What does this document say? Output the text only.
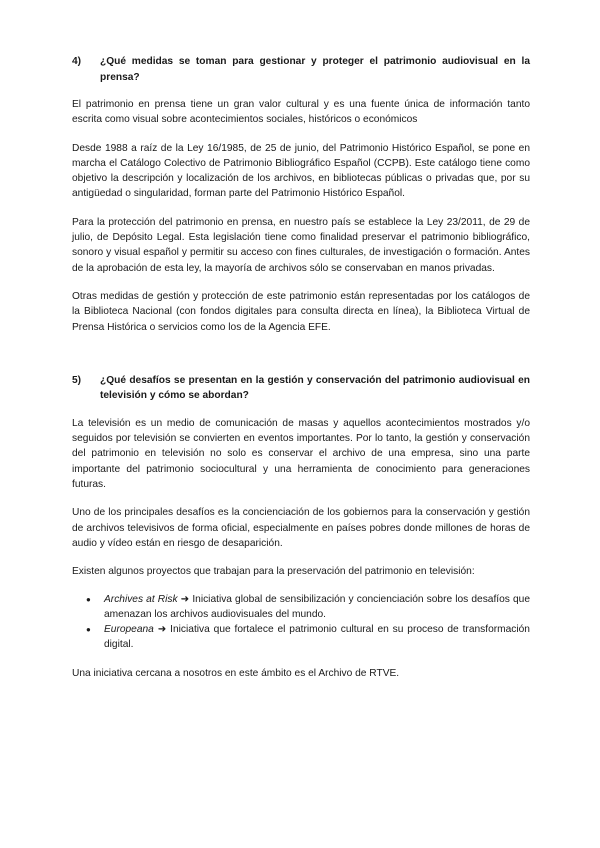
4)	¿Qué medidas se toman para gestionar y proteger el patrimonio audiovisual en la prensa?

El patrimonio en prensa tiene un gran valor cultural y es una fuente única de información tanto escrita como visual sobre acontecimientos sociales, históricos o económicos

Desde 1988 a raíz de la Ley 16/1985, de 25 de junio, del Patrimonio Histórico Español, se pone en marcha el Catálogo Colectivo de Patrimonio Bibliográfico Español (CCPB). Este catálogo tiene como objetivo la descripción y localización de los archivos, en bibliotecas públicas o privadas que, por su antigüedad o singularidad, forman parte del Patrimonio Histórico Español.

Para la protección del patrimonio en prensa, en nuestro país se establece la Ley 23/2011, de 29 de julio, de Depósito Legal. Esta legislación tiene como finalidad preservar el patrimonio bibliográfico, sonoro y visual español y permitir su acceso con fines culturales, de investigación o formación. Antes de la aprobación de esta ley, la mayoría de archivos sólo se conservaban en manos privadas.

Otras medidas de gestión y protección de este patrimonio están representadas por los catálogos de la Biblioteca Nacional (con fondos digitales para consulta directa en línea), la Biblioteca Virtual de Prensa Histórica o servicios como los de la Agencia EFE.

5)	¿Qué desafíos se presentan en la gestión y conservación del patrimonio audiovisual en televisión y cómo se abordan?

La televisión es un medio de comunicación de masas y aquellos acontecimientos mostrados y/o seguidos por televisión se convierten en eventos importantes. Por lo tanto, la gestión y conservación del patrimonio en televisión no solo es conservar el archivo de una empresa, sino una parte importante del patrimonio sociocultural y una herramienta de conocimiento para generaciones futuras.

Uno de los principales desafíos es la concienciación de los gobiernos para la conservación y gestión de archivos televisivos de forma oficial, especialmente en países pobres donde millones de horas de audio y vídeo están en riesgo de desaparición.

Existen algunos proyectos que trabajan para la preservación del patrimonio en televisión:

●	Archives at Risk ➜ Iniciativa global de sensibilización y concienciación sobre los desafíos que amenazan los archivos audiovisuales del mundo.
●	Europeana ➜ Iniciativa que fortalece el patrimonio cultural en su proceso de transformación digital.

Una iniciativa cercana a nosotros en este ámbito es el Archivo de RTVE.
